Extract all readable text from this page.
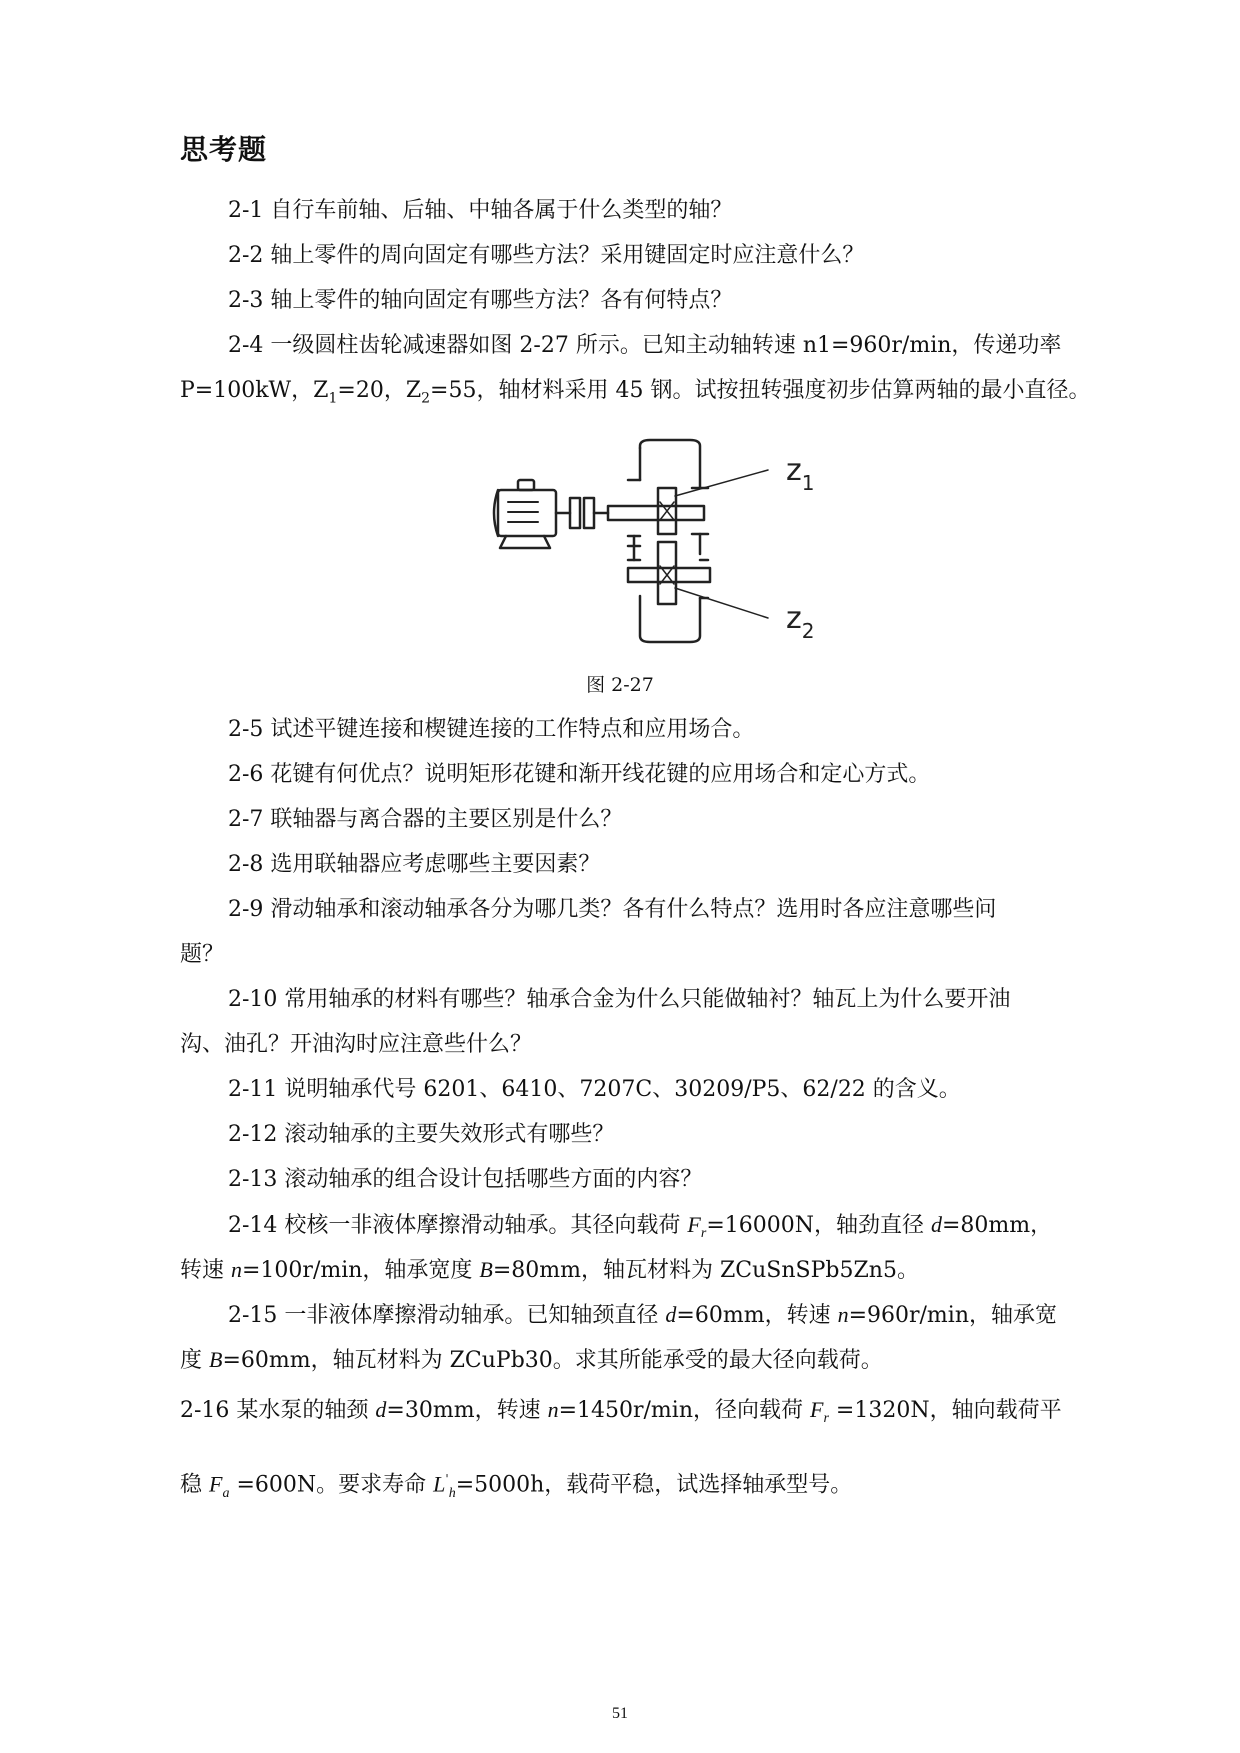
思考题
2-1 自行车前轴、后轴、中轴各属于什么类型的轴？
2-2 轴上零件的周向固定有哪些方法？采用键固定时应注意什么？
2-3 轴上零件的轴向固定有哪些方法？各有何特点？
2-4 一级圆柱齿轮减速器如图 2-27 所示。已知主动轴转速 n1=960r/min，传递功率
P=100kW，$Z_1=20$，$Z_2=55$，轴材料采用 45 钢。试按扭转强度初步估算两轴的最小直径。
$z_1$
$z_2$
图 2-27
2-5 试述平键连接和楔键连接的工作特点和应用场合。
2-6 花键有何优点？说明矩形花键和渐开线花键的应用场合和定心方式。
2-7 联轴器与离合器的主要区别是什么？
2-8 选用联轴器应考虑哪些主要因素？
2-9 滑动轴承和滚动轴承各分为哪几类？各有什么特点？选用时各应注意哪些问
题？
2-10 常用轴承的材料有哪些？轴承合金为什么只能做轴衬？轴瓦上为什么要开油
沟、油孔？开油沟时应注意些什么？
2-11 说明轴承代号 6201、6410、7207C、30209/P5、62/22 的含义。
2-12 滚动轴承的主要失效形式有哪些？
2-13 滚动轴承的组合设计包括哪些方面的内容？
2-14 校核一非液体摩擦滑动轴承。其径向载荷 $F_r=16000N$，轴劲直径 d=80mm，
转速 n=100r/min，轴承宽度 B=80mm，轴瓦材料为 ZCuSnSPb5Zn5。
2-15 一非液体摩擦滑动轴承。已知轴颈直径 d=60mm，转速 n=960r/min，轴承宽
度 B=60mm，轴瓦材料为 ZCuPb30。求其所能承受的最大径向载荷。
2-16 某水泵的轴颈 d=30mm，转速 n=1450r/min，径向载荷 $F_r =1320N$，轴向载荷平
稳 $F_a =600N$。要求寿命 $L'_h=5000h$，载荷平稳，试选择轴承型号。
51
